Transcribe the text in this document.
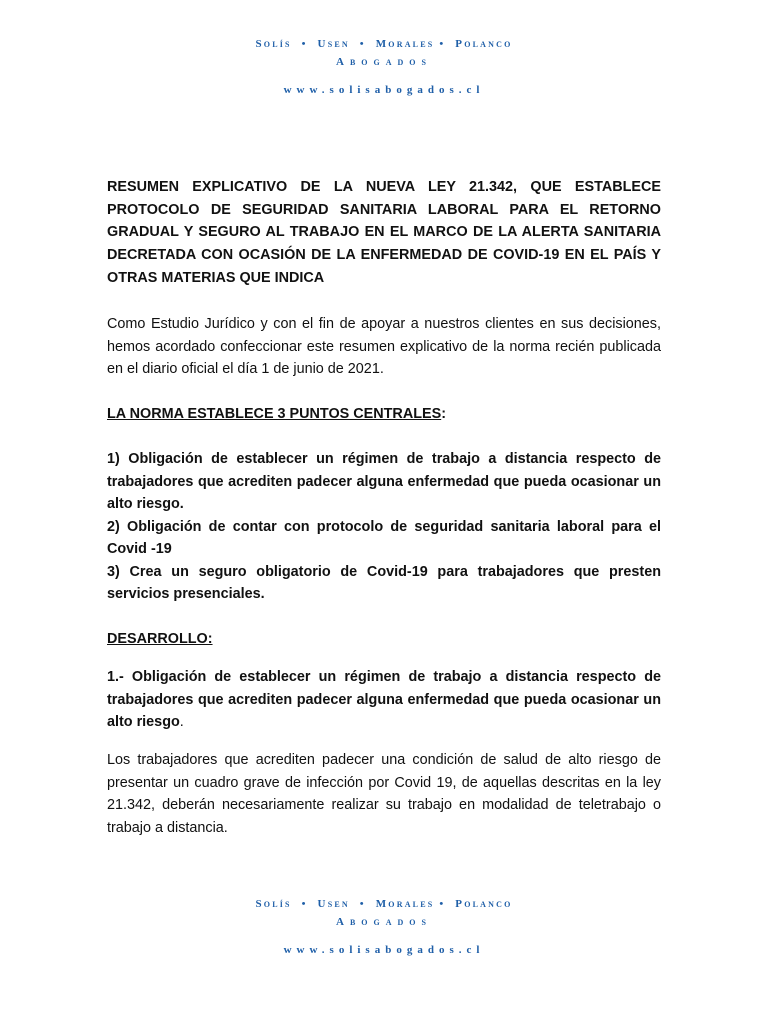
Solís  •  Usen  •  Morales •  Polanco
Abogados
www.solisabogados.cl

RESUMEN EXPLICATIVO DE LA NUEVA LEY 21.342, QUE ESTABLECE PROTOCOLO DE SEGURIDAD SANITARIA LABORAL PARA EL RETORNO GRADUAL Y SEGURO AL TRABAJO EN EL MARCO DE LA ALERTA SANITARIA DECRETADA CON OCASIÓN DE LA ENFERMEDAD DE COVID-19 EN EL PAÍS Y OTRAS MATERIAS QUE INDICA

Como Estudio Jurídico y con el fin de apoyar a nuestros clientes en sus decisiones, hemos acordado confeccionar este resumen explicativo de la norma recién publicada en el diario oficial el día 1 de junio de 2021.

LA NORMA ESTABLECE 3 PUNTOS CENTRALES:

1) Obligación de establecer un régimen de trabajo a distancia respecto de trabajadores que acrediten padecer alguna enfermedad que pueda ocasionar un alto riesgo.

2) Obligación de contar con protocolo de seguridad sanitaria laboral para el Covid -19

3) Crea un seguro obligatorio de Covid-19 para trabajadores que presten servicios presenciales.

DESARROLLO:

1.- Obligación de establecer un régimen de trabajo a distancia respecto de trabajadores que acrediten padecer alguna enfermedad que pueda ocasionar un alto riesgo.

Los trabajadores que acrediten padecer una condición de salud de alto riesgo de presentar un cuadro grave de infección por Covid 19, de aquellas descritas en la ley 21.342, deberán necesariamente realizar su trabajo en modalidad de teletrabajo o trabajo a distancia.

Solís  •  Usen  •  Morales •  Polanco
Abogados
www.solisabogados.cl
